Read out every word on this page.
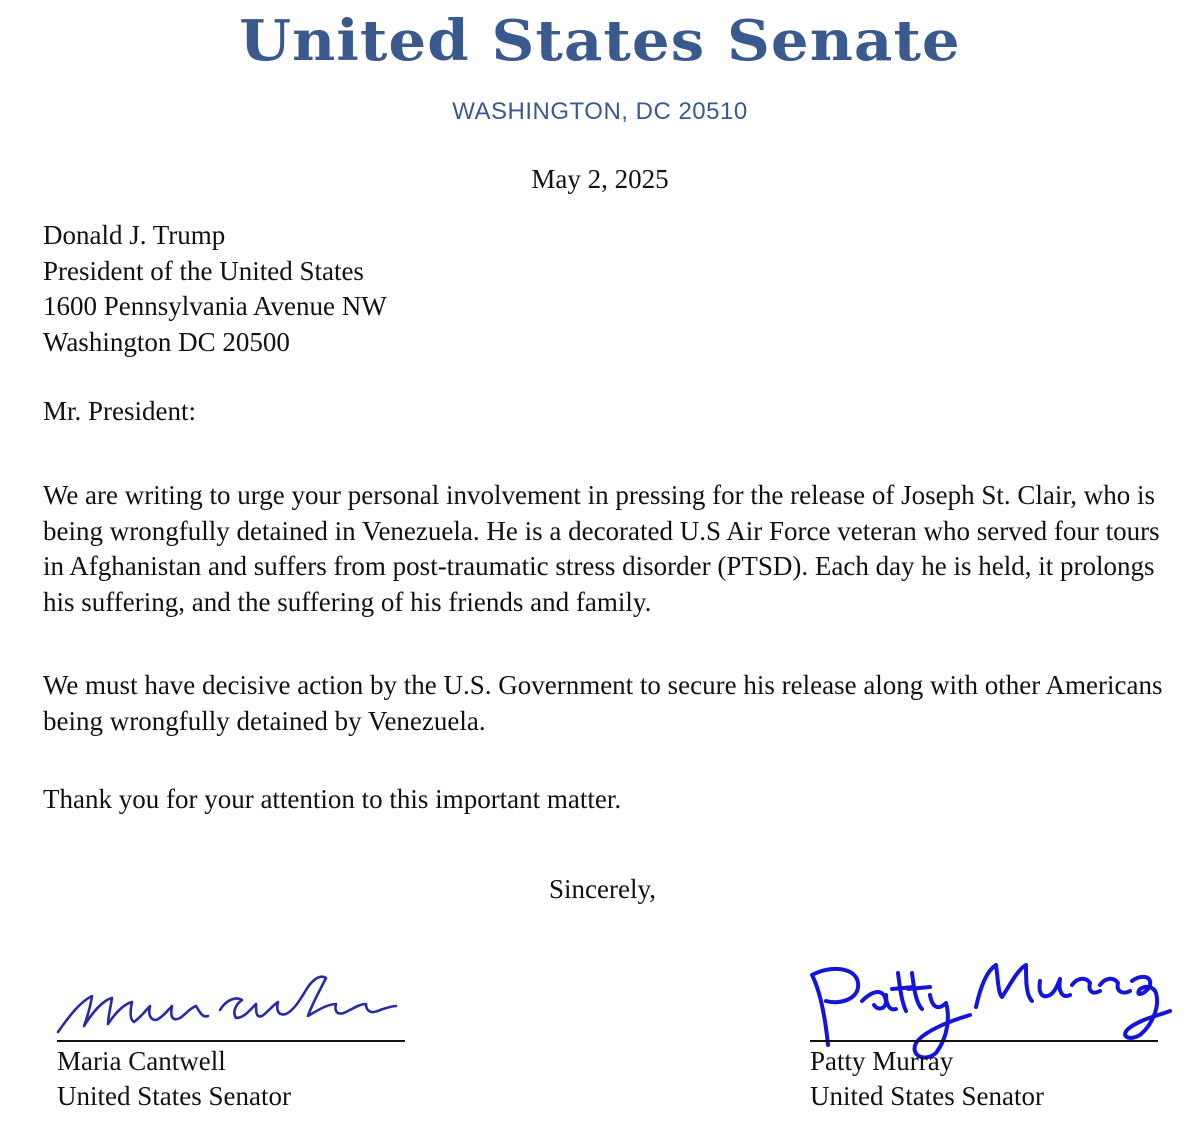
United States Senate
WASHINGTON, DC 20510
May 2, 2025
Donald J. Trump
President of the United States
1600 Pennsylvania Avenue NW
Washington DC 20500
Mr. President:
We are writing to urge your personal involvement in pressing for the release of Joseph St. Clair, who is being wrongfully detained in Venezuela. He is a decorated U.S Air Force veteran who served four tours in Afghanistan and suffers from post-traumatic stress disorder (PTSD). Each day he is held, it prolongs his suffering, and the suffering of his friends and family.
We must have decisive action by the U.S. Government to secure his release along with other Americans being wrongfully detained by Venezuela.
Thank you for your attention to this important matter.
Sincerely,
Maria Cantwell
United States Senator
Patty Murray
United States Senator
